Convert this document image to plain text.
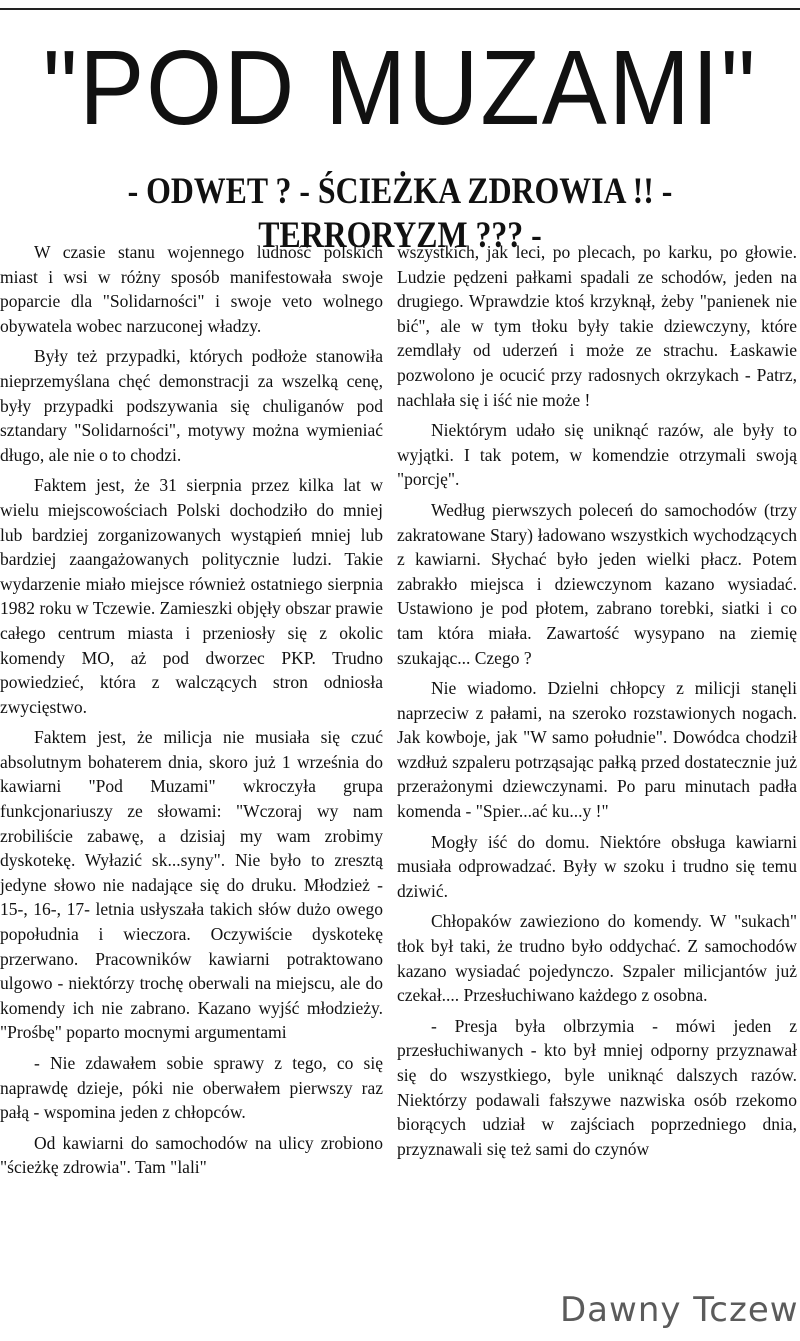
"POD MUZAMI"
- ODWET ? - ŚCIEŻKA ZDROWIA !! - TERRORYZM ??? -

W czasie stanu wojennego ludność polskich miast i wsi w różny sposób manifestowała swoje poparcie dla "Solidarności" i swoje veto wolnego obywatela wobec narzuconej władzy.

Były też przypadki, których podłoże stanowiła nieprzemyślana chęć demonstracji za wszelką cenę, były przypadki podszywania się chuliganów pod sztandary "Solidarności", motywy można wymieniać długo, ale nie o to chodzi.

Faktem jest, że 31 sierpnia przez kilka lat w wielu miejscowościach Polski dochodziło do mniej lub bardziej zorganizowanych wystąpień mniej lub bardziej zaangażowanych politycznie ludzi. Takie wydarzenie miało miejsce również ostatniego sierpnia 1982 roku w Tczewie. Zamieszki objęły obszar prawie całego centrum miasta i przeniosły się z okolic komendy MO, aż pod dworzec PKP. Trudno powiedzieć, która z walczących stron odniosła zwycięstwo.

Faktem jest, że milicja nie musiała się czuć absolutnym bohaterem dnia, skoro już 1 września do kawiarni "Pod Muzami" wkroczyła grupa funkcjonariuszy ze słowami: "Wczoraj wy nam zrobiliście zabawę, a dzisiaj my wam zrobimy dyskotekę. Wyłazić sk...syny". Nie było to zresztą jedyne słowo nie nadające się do druku. Młodzież - 15-, 16-, 17- letnia usłyszała takich słów dużo owego popołudnia i wieczora. Oczywiście dyskotekę przerwano. Pracowników kawiarni potraktowano ulgowo - niektórzy trochę oberwali na miejscu, ale do komendy ich nie zabrano. Kazano wyjść młodzieży. "Prośbę" poparto mocnymi argumentami

- Nie zdawałem sobie sprawy z tego, co się naprawdę dzieje, póki nie oberwałem pierwszy raz pałą - wspomina jeden z chłopców.

Od kawiarni do samochodów na ulicy zrobiono "ścieżkę zdrowia". Tam "lali"

wszystkich, jak leci, po plecach, po karku, po głowie. Ludzie pędzeni pałkami spadali ze schodów, jeden na drugiego. Wprawdzie ktoś krzyknął, żeby "panienek nie bić", ale w tym tłoku były takie dziewczyny, które zemdlały od uderzeń i może ze strachu. Łaskawie pozwolono je ocucić przy radosnych okrzykach - Patrz, nachlała się i iść nie może !

Niektórym udało się uniknąć razów, ale były to wyjątki. I tak potem, w komendzie otrzymali swoją "porcję".

Według pierwszych poleceń do samochodów (trzy zakratowane Stary) ładowano wszystkich wychodzących z kawiarni. Słychać było jeden wielki płacz. Potem zabrakło miejsca i dziewczynom kazano wysiadać. Ustawiono je pod płotem, zabrano torebki, siatki i co tam która miała. Zawartość wysypano na ziemię szukając... Czego ?

Nie wiadomo. Dzielni chłopcy z milicji stanęli naprzeciw z pałami, na szeroko rozstawionych nogach. Jak kowboje, jak "W samo południe". Dowódca chodził wzdłuż szpaleru potrząsając pałką przed dostatecznie już przerażonymi dziewczynami. Po paru minutach padła komenda - "Spier...ać ku...y !"

Mogły iść do domu. Niektóre obsługa kawiarni musiała odprowadzać. Były w szoku i trudno się temu dziwić.

Chłopaków zawieziono do komendy. W "sukach" tłok był taki, że trudno było oddychać. Z samochodów kazano wysiadać pojedynczo. Szpaler milicjantów już czekał.... Przesłuchiwano każdego z osobna.

- Presja była olbrzymia - mówi jeden z przesłuchiwanych - kto był mniej odporny przyznawał się do wszystkiego, byle uniknąć dalszych razów. Niektórzy podawali fałszywe nazwiska osób rzekomo biorących udział w zajściach poprzedniego dnia, przyznawali się też sami do czynów

Dawny Tczew
